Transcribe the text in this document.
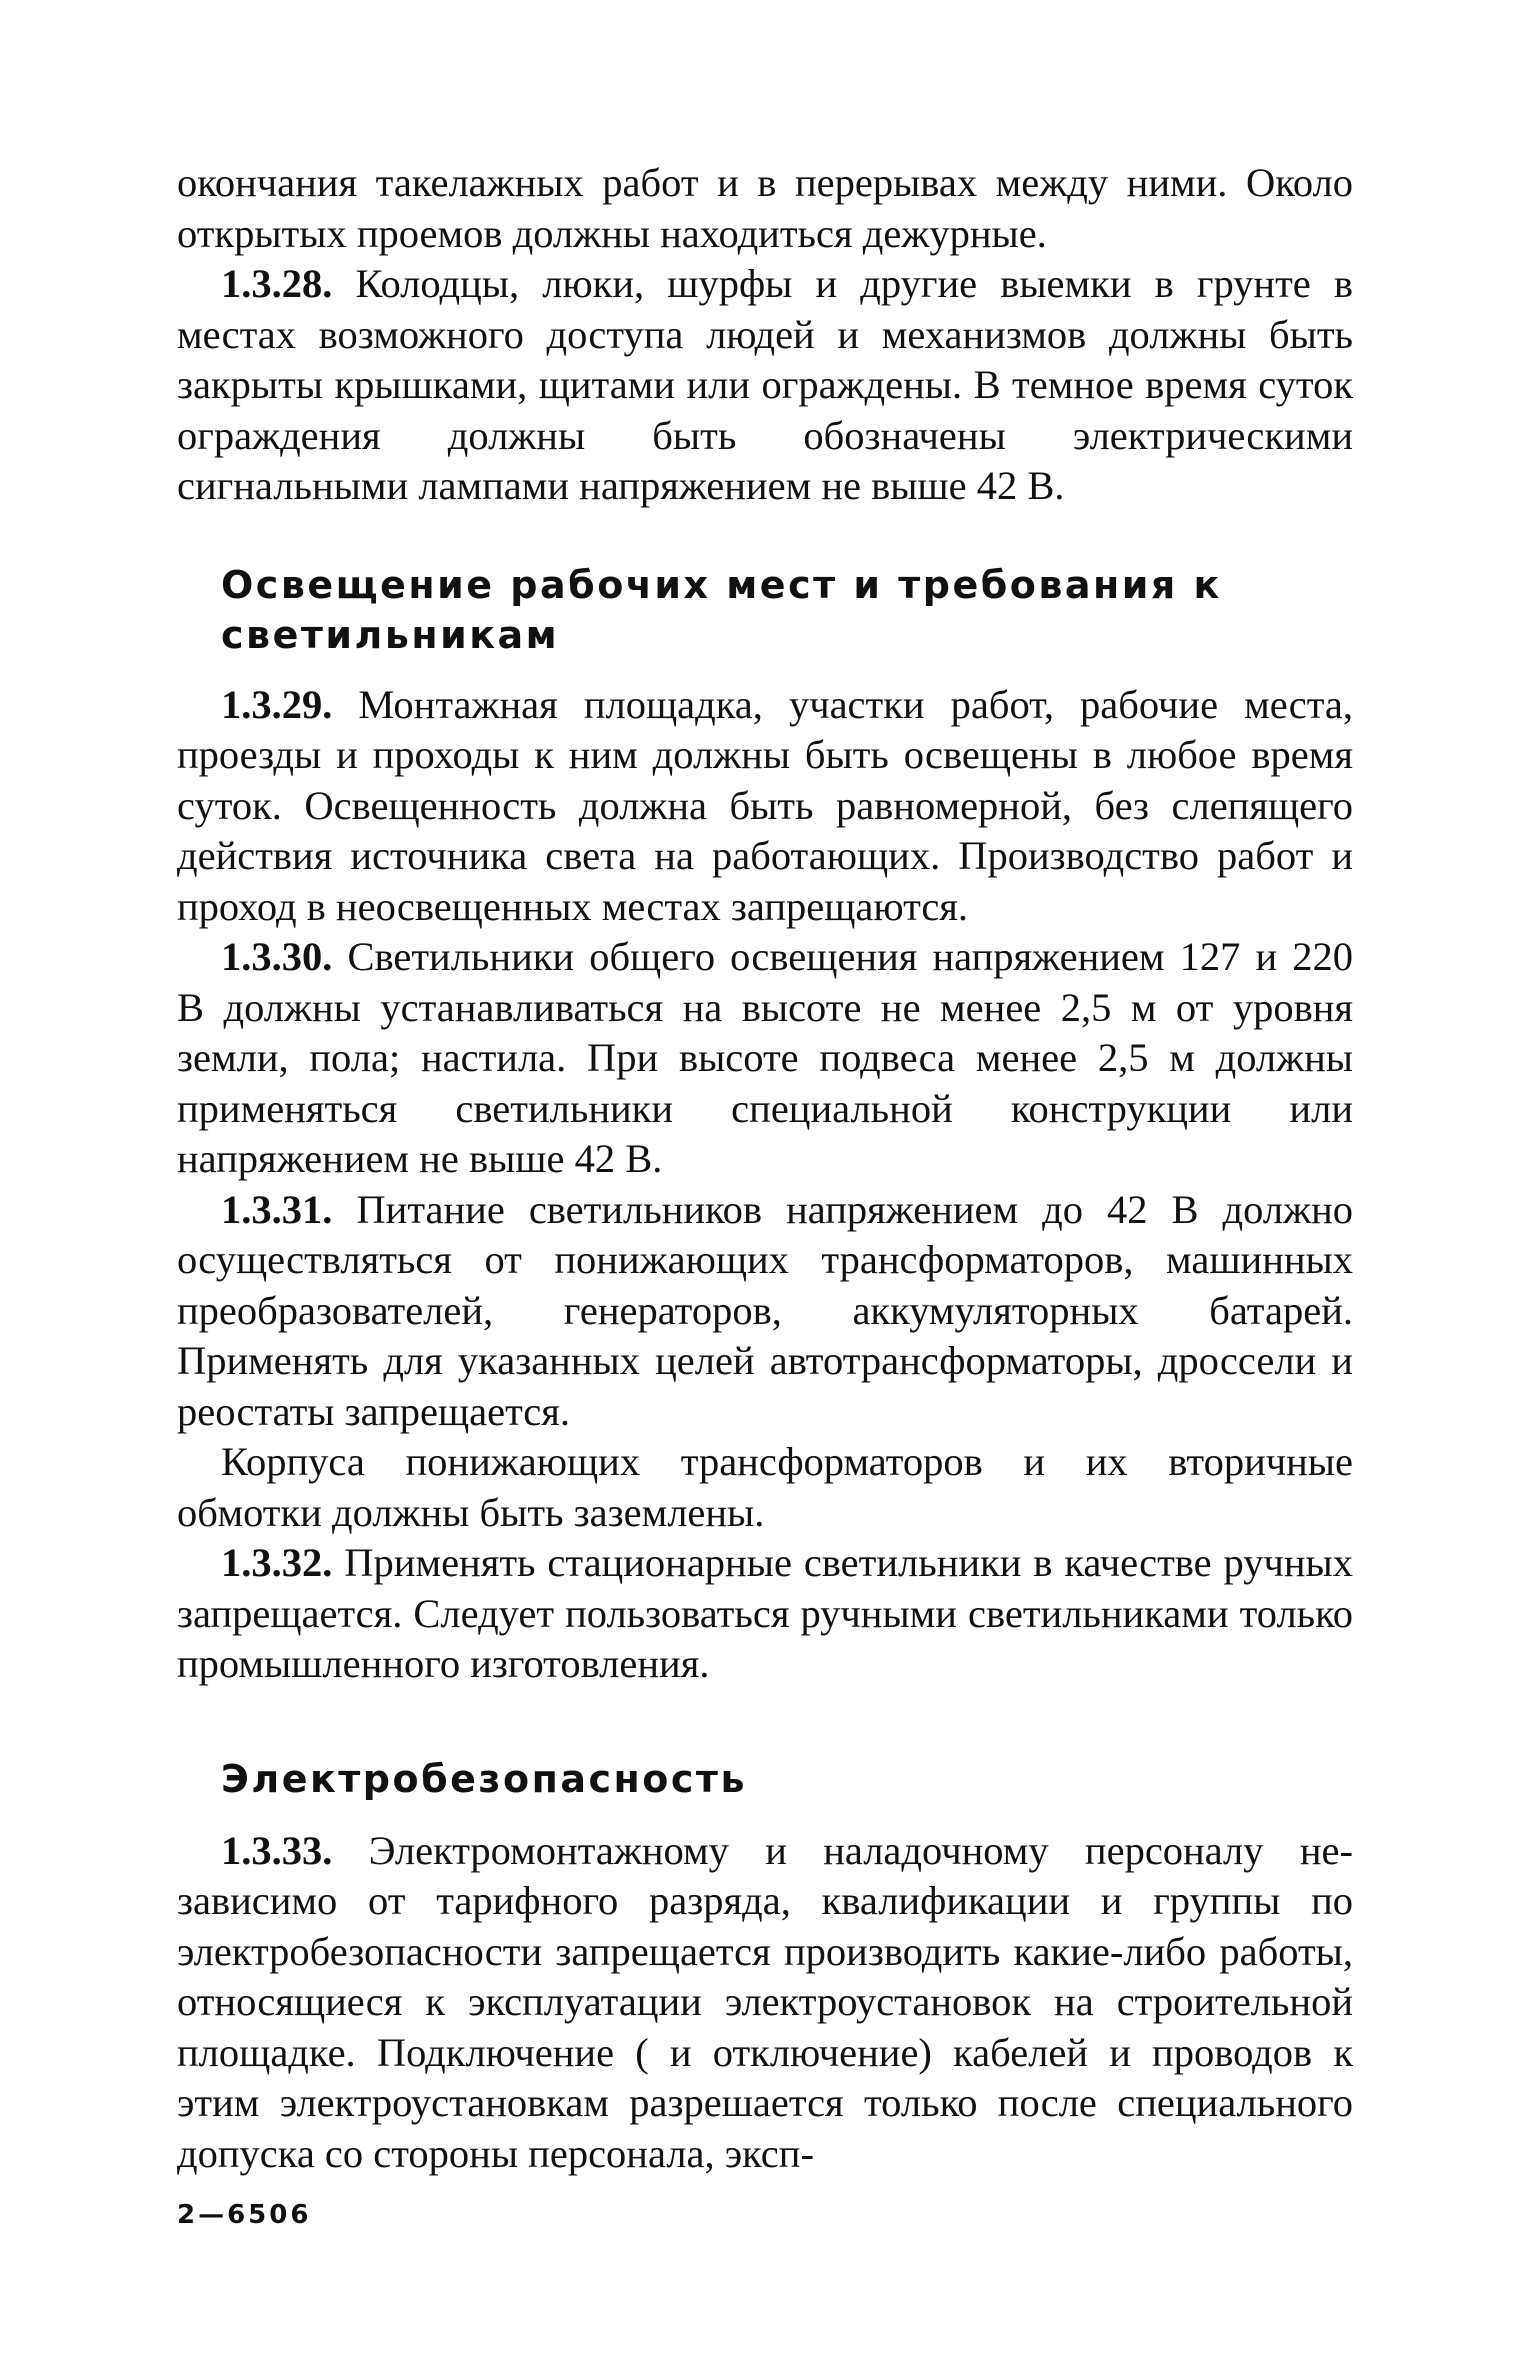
окончания такелажных работ и в перерывах между ними. Около открытых проемов должны находиться дежурные.

1.3.28. Колодцы, люки, шурфы и другие выемки в грунте в местах возможного доступа людей и механизмов должны быть закрыты крышками, щитами или ограждены. В темное время суток ограждения должны быть обозначены электрическими сигнальными лампами напряжением не выше 42 В.

Освещение рабочих мест и требования к светильникам

1.3.29. Монтажная площадка, участки работ, рабочие места, проезды и проходы к ним должны быть освещены в любое время суток. Освещенность должна быть равномерной, без слепящего действия источника света на работающих. Производство работ и проход в неосвещенных местах запрещаются.

1.3.30. Светильники общего освещения напряжением 127 и 220 В должны устанавливаться на высоте не менее 2,5 м от уровня земли, пола; настила. При высоте подвеса менее 2,5 м должны применяться светильники специальной конструкции или напряжением не выше 42 В.

1.3.31. Питание светильников напряжением до 42 В должно осуществляться от понижающих трансформаторов, машинных преобразователей, генераторов, аккумуляторных батарей. Применять для указанных целей автотрансформаторы, дроссели и реостаты запрещается.

Корпуса понижающих трансформаторов и их вторичные обмотки должны быть заземлены.

1.3.32. Применять стационарные светильники в качестве ручных запрещается. Следует пользоваться ручными светильниками только промышленного изготовления.

Электробезопасность

1.3.33. Электромонтажному и наладочному персоналу независимо от тарифного разряда, квалификации и группы по электробезопасности запрещается производить какие-либо работы, относящиеся к эксплуатации электроустановок на строительной площадке. Подключение ( и отключение) кабелей и проводов к этим электроустановкам разрешается только после специального допуска со стороны персонала, эксп-

2—6506
